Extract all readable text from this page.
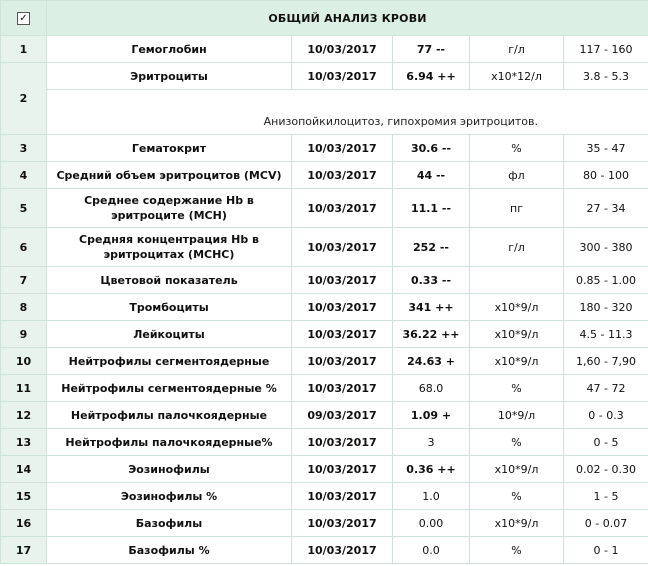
✓	ОБЩИЙ АНАЛИЗ КРОВИ				
1	Гемоглобин	10/03/2017	77 --	г/л	117 - 160
2	Эритроциты	10/03/2017	6.94 ++	x10*12/л	3.8 - 5.3
	Анизопойкилоцитоз, гипохромия эритроцитов.				
3	Гематокрит	10/03/2017	30.6 --	%	35 - 47
4	Средний объем эритроцитов (MCV)	10/03/2017	44 --	фл	80 - 100
5	Среднее содержание Hb в эритроците (MCH)	10/03/2017	11.1 --	пг	27 - 34
6	Средняя концентрация Hb в эритроцитах (MCHC)	10/03/2017	252 --	г/л	300 - 380
7	Цветовой показатель	10/03/2017	0.33 --		0.85 - 1.00
8	Тромбоциты	10/03/2017	341 ++	x10*9/л	180 - 320
9	Лейкоциты	10/03/2017	36.22 ++	x10*9/л	4.5 - 11.3
10	Нейтрофилы сегментоядерные	10/03/2017	24.63 +	x10*9/л	1,60 - 7,90
11	Нейтрофилы сегментоядерные %	10/03/2017	68.0	%	47 - 72
12	Нейтрофилы палочкоядерные	09/03/2017	1.09 +	10*9/л	0 - 0.3
13	Нейтрофилы палочкоядерные%	10/03/2017	3	%	0 - 5
14	Эозинофилы	10/03/2017	0.36 ++	x10*9/л	0.02 - 0.30
15	Эозинофилы %	10/03/2017	1.0	%	1 - 5
16	Базофилы	10/03/2017	0.00	x10*9/л	0 - 0.07
17	Базофилы %	10/03/2017	0.0	%	0 - 1
